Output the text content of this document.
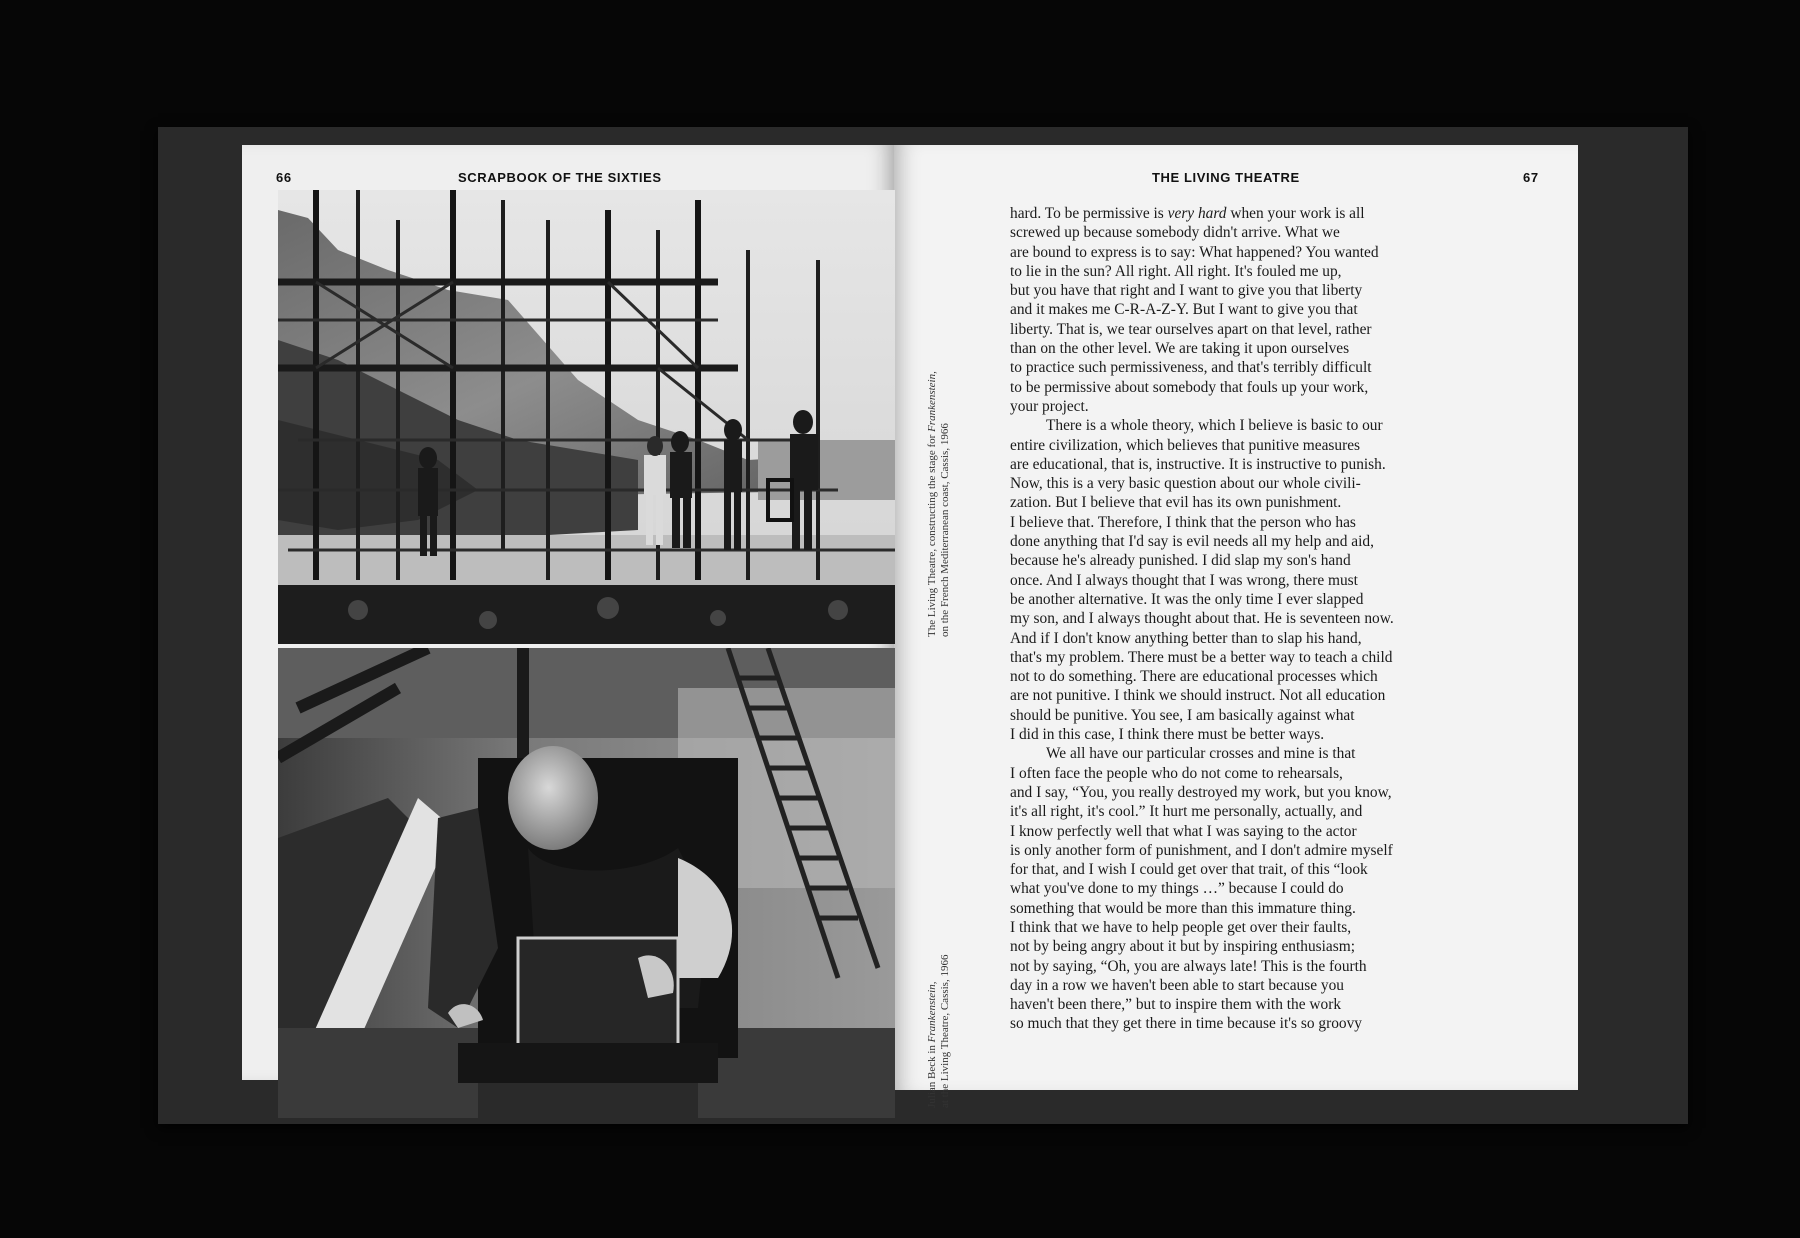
66	SCRAPBOOK OF THE SIXTIES	THE LIVING THEATRE	67
The Living Theatre, constructing the stage for Frankenstein,
on the French Mediterranean coast, Cassis, 1966
Julian Beck in Frankenstein, at the Living Theatre, Cassis, 1966
hard. To be permissive is very hard when your work is all
screwed up because somebody didn't arrive. What we
are bound to express is to say: What happened? You wanted
to lie in the sun? All right. All right. It's fouled me up,
but you have that right and I want to give you that liberty
and it makes me C-R-A-Z-Y. But I want to give you that
liberty. That is, we tear ourselves apart on that level, rather
than on the other level. We are taking it upon ourselves
to practice such permissiveness, and that's terribly difficult
to be permissive about somebody that fouls up your work,
your project.
There is a whole theory, which I believe is basic to our
entire civilization, which believes that punitive measures
are educational, that is, instructive. It is instructive to punish.
Now, this is a very basic question about our whole civili-
zation. But I believe that evil has its own punishment.
I believe that. Therefore, I think that the person who has
done anything that I'd say is evil needs all my help and aid,
because he's already punished. I did slap my son's hand
once. And I always thought that I was wrong, there must
be another alternative. It was the only time I ever slapped
my son, and I always thought about that. He is seventeen now.
And if I don't know anything better than to slap his hand,
that's my problem. There must be a better way to teach a child
not to do something. There are educational processes which
are not punitive. I think we should instruct. Not all education
should be punitive. You see, I am basically against what
I did in this case, I think there must be better ways.
We all have our particular crosses and mine is that
I often face the people who do not come to rehearsals,
and I say, “You, you really destroyed my work, but you know,
it's all right, it's cool.” It hurt me personally, actually, and
I know perfectly well that what I was saying to the actor
is only another form of punishment, and I don't admire myself
for that, and I wish I could get over that trait, of this “look
what you've done to my things …” because I could do
something that would be more than this immature thing.
I think that we have to help people get over their faults,
not by being angry about it but by inspiring enthusiasm;
not by saying, “Oh, you are always late! This is the fourth
day in a row we haven't been able to start because you
haven't been there,” but to inspire them with the work
so much that they get there in time because it's so groovy
